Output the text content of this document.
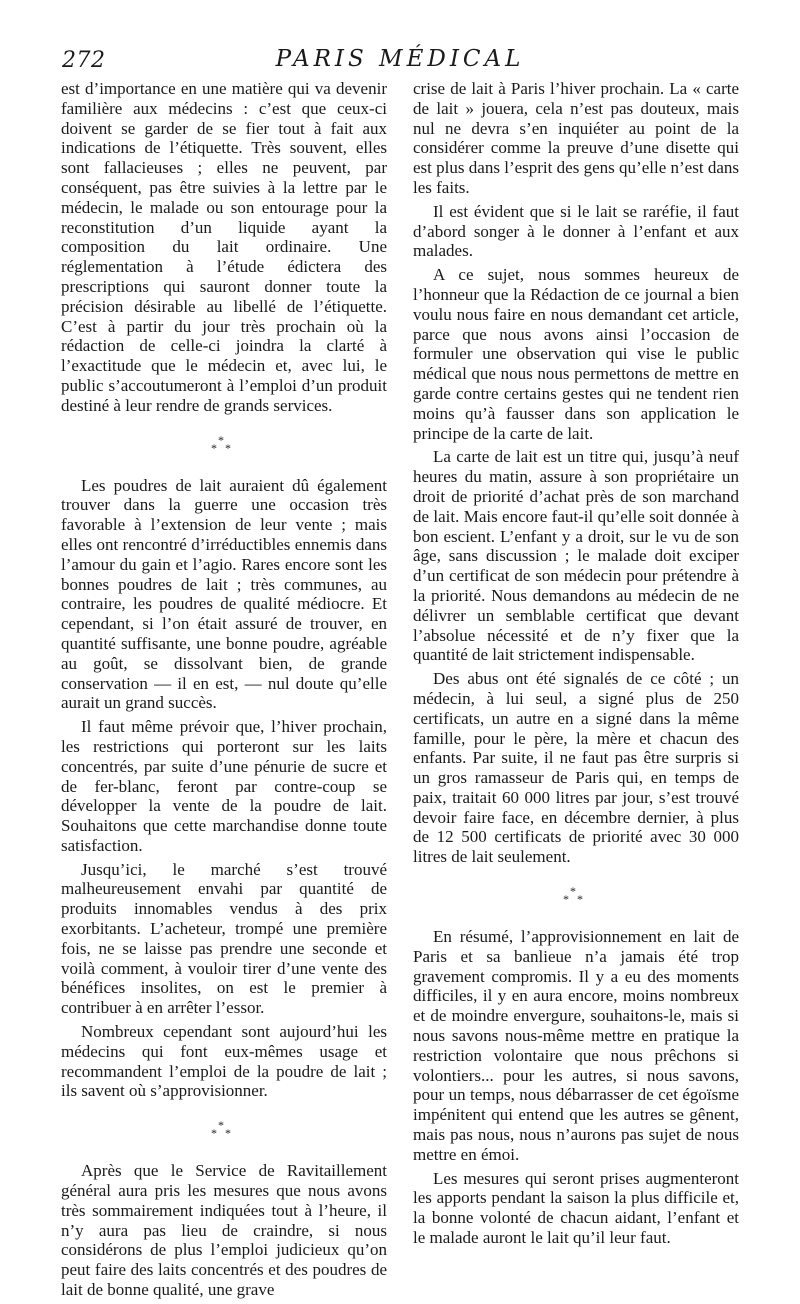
272	PARIS MÉDICAL

est d’importance en une matière qui va devenir familière aux médecins : c’est que ceux-ci doivent se garder de se fier tout à fait aux indications de l’étiquette. Très souvent, elles sont fallacieuses ; elles ne peuvent, par conséquent, pas être suivies à la lettre par le médecin, le malade ou son entourage pour la reconstitution d’un liquide ayant la composition du lait ordinaire. Une réglementation à l’étude édictera des prescriptions qui sauront donner toute la précision désirable au libellé de l’étiquette. C’est à partir du jour très prochain où la rédaction de celle-ci joindra la clarté à l’exactitude que le médecin et, avec lui, le public s’accoutumeront à l’emploi d’un produit destiné à leur rendre de grands services.

*
* *

Les poudres de lait auraient dû également trouver dans la guerre une occasion très favorable à l’extension de leur vente ; mais elles ont rencontré d’irréductibles ennemis dans l’amour du gain et l’agio. Rares encore sont les bonnes poudres de lait ; très communes, au contraire, les poudres de qualité médiocre. Et cependant, si l’on était assuré de trouver, en quantité suffisante, une bonne poudre, agréable au goût, se dissolvant bien, de grande conservation — il en est, — nul doute qu’elle aurait un grand succès.

Il faut même prévoir que, l’hiver prochain, les restrictions qui porteront sur les laits concentrés, par suite d’une pénurie de sucre et de fer-blanc, feront par contre-coup se développer la vente de la poudre de lait. Souhaitons que cette marchandise donne toute satisfaction.

Jusqu’ici, le marché s’est trouvé malheureusement envahi par quantité de produits innomables vendus à des prix exorbitants. L’acheteur, trompé une première fois, ne se laisse pas prendre une seconde et voilà comment, à vouloir tirer d’une vente des bénéfices insolites, on est le premier à contribuer à en arrêter l’essor.

Nombreux cependant sont aujourd’hui les médecins qui font eux-mêmes usage et recommandent l’emploi de la poudre de lait ; ils savent où s’approvisionner.

*
* *

Après que le Service de Ravitaillement général aura pris les mesures que nous avons très sommairement indiquées tout à l’heure, il n’y aura pas lieu de craindre, si nous considérons de plus l’emploi judicieux qu’on peut faire des laits concentrés et des poudres de lait de bonne qualité, une grave

crise de lait à Paris l’hiver prochain. La « carte de lait » jouera, cela n’est pas douteux, mais nul ne devra s’en inquiéter au point de la considérer comme la preuve d’une disette qui est plus dans l’esprit des gens qu’elle n’est dans les faits.

Il est évident que si le lait se raréfie, il faut d’abord songer à le donner à l’enfant et aux malades.

A ce sujet, nous sommes heureux de l’honneur que la Rédaction de ce journal a bien voulu nous faire en nous demandant cet article, parce que nous avons ainsi l’occasion de formuler une observation qui vise le public médical que nous nous permettons de mettre en garde contre certains gestes qui ne tendent rien moins qu’à fausser dans son application le principe de la carte de lait.

La carte de lait est un titre qui, jusqu’à neuf heures du matin, assure à son propriétaire un droit de priorité d’achat près de son marchand de lait. Mais encore faut-il qu’elle soit donnée à bon escient. L’enfant y a droit, sur le vu de son âge, sans discussion ; le malade doit exciper d’un certificat de son médecin pour prétendre à la priorité. Nous demandons au médecin de ne délivrer un semblable certificat que devant l’absolue nécessité et de n’y fixer que la quantité de lait strictement indispensable.

Des abus ont été signalés de ce côté ; un médecin, à lui seul, a signé plus de 250 certificats, un autre en a signé dans la même famille, pour le père, la mère et chacun des enfants. Par suite, il ne faut pas être surpris si un gros ramasseur de Paris qui, en temps de paix, traitait 60 000 litres par jour, s’est trouvé devoir faire face, en décembre dernier, à plus de 12 500 certificats de priorité avec 30 000 litres de lait seulement.

*
* *

En résumé, l’approvisionnement en lait de Paris et sa banlieue n’a jamais été trop gravement compromis. Il y a eu des moments difficiles, il y en aura encore, moins nombreux et de moindre envergure, souhaitons-le, mais si nous savons nous-même mettre en pratique la restriction volontaire que nous prêchons si volontiers... pour les autres, si nous savons, pour un temps, nous débarrasser de cet égoïsme impénitent qui entend que les autres se gênent, mais pas nous, nous n’aurons pas sujet de nous mettre en émoi.

Les mesures qui seront prises augmenteront les apports pendant la saison la plus difficile et, la bonne volonté de chacun aidant, l’enfant et le malade auront le lait qu’il leur faut.
